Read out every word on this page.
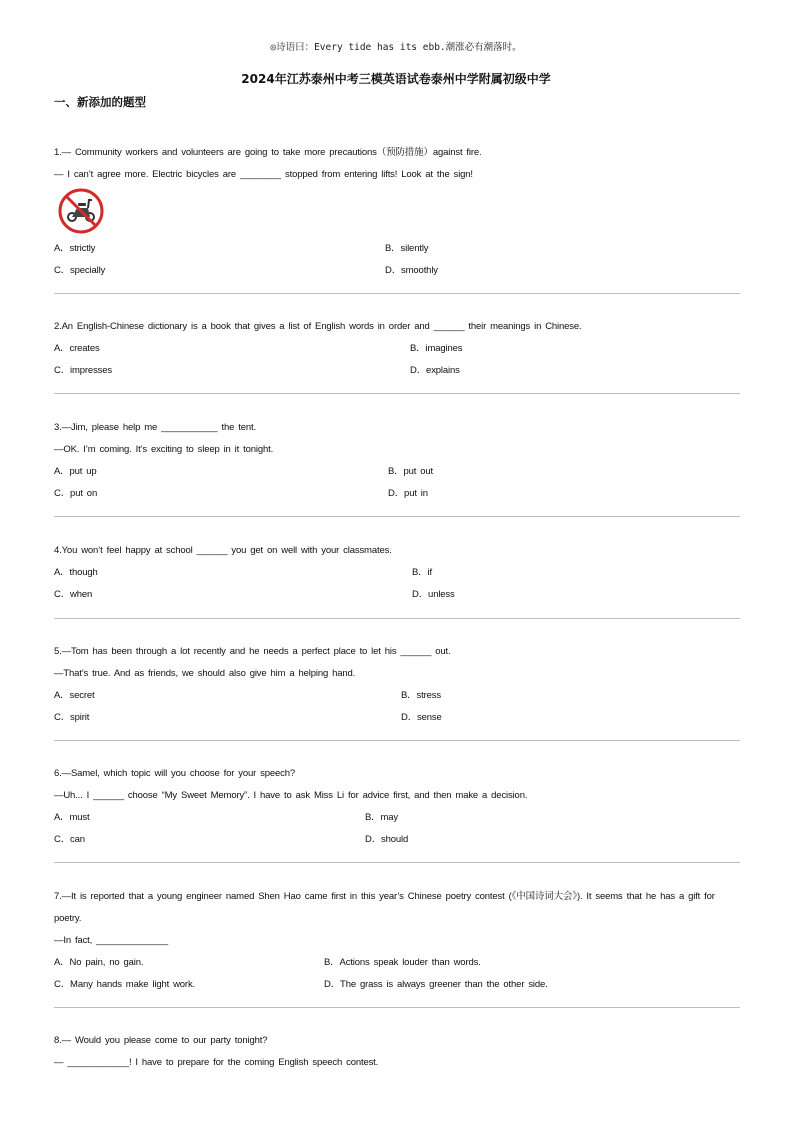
◎诗语曰：Every tide has its ebb.潮涨必有潮落时。
2024年江苏泰州中考三模英语试卷泰州中学附属初级中学
一、新添加的题型
1.— Community workers and volunteers are going to take more precautions（预防措施）against fire.
— I can’t agree more. Electric bicycles are ________ stopped from entering lifts! Look at the sign!
A．strictly	B．silently
C．specially	D．smoothly
2.An English-Chinese dictionary is a book that gives a list of English words in order and ______ their meanings in Chinese.
A．creates	B．imagines
C．impresses	D．explains
3.—Jim, please help me ___________ the tent.
—OK. I’m coming. It’s exciting to sleep in it tonight.
A．put up	B．put out
C．put on	D．put in
4.You won’t feel happy at school ______ you get on well with your classmates.
A．though	B．if
C．when	D．unless
5.—Tom has been through a lot recently and he needs a perfect place to let his ______ out.
—That’s true. And as friends, we should also give him a helping hand.
A．secret	B．stress
C．spirit	D．sense
6.—Samel, which topic will you choose for your speech?
—Uh... I ______ choose “My Sweet Memory”. I have to ask Miss Li for advice first, and then make a decision.
A．must	B．may
C．can	D．should
7.—It is reported that a young engineer named Shen Hao came first in this year’s Chinese poetry contest (《中国诗词大会》). It seems that he has a gift for poetry.
—In fact, ______________
A．No pain, no gain.	B．Actions speak louder than words.
C．Many hands make light work.	D．The grass is always greener than the other side.
8.— Would you please come to our party tonight?
— ____________! I have to prepare for the coming English speech contest.
